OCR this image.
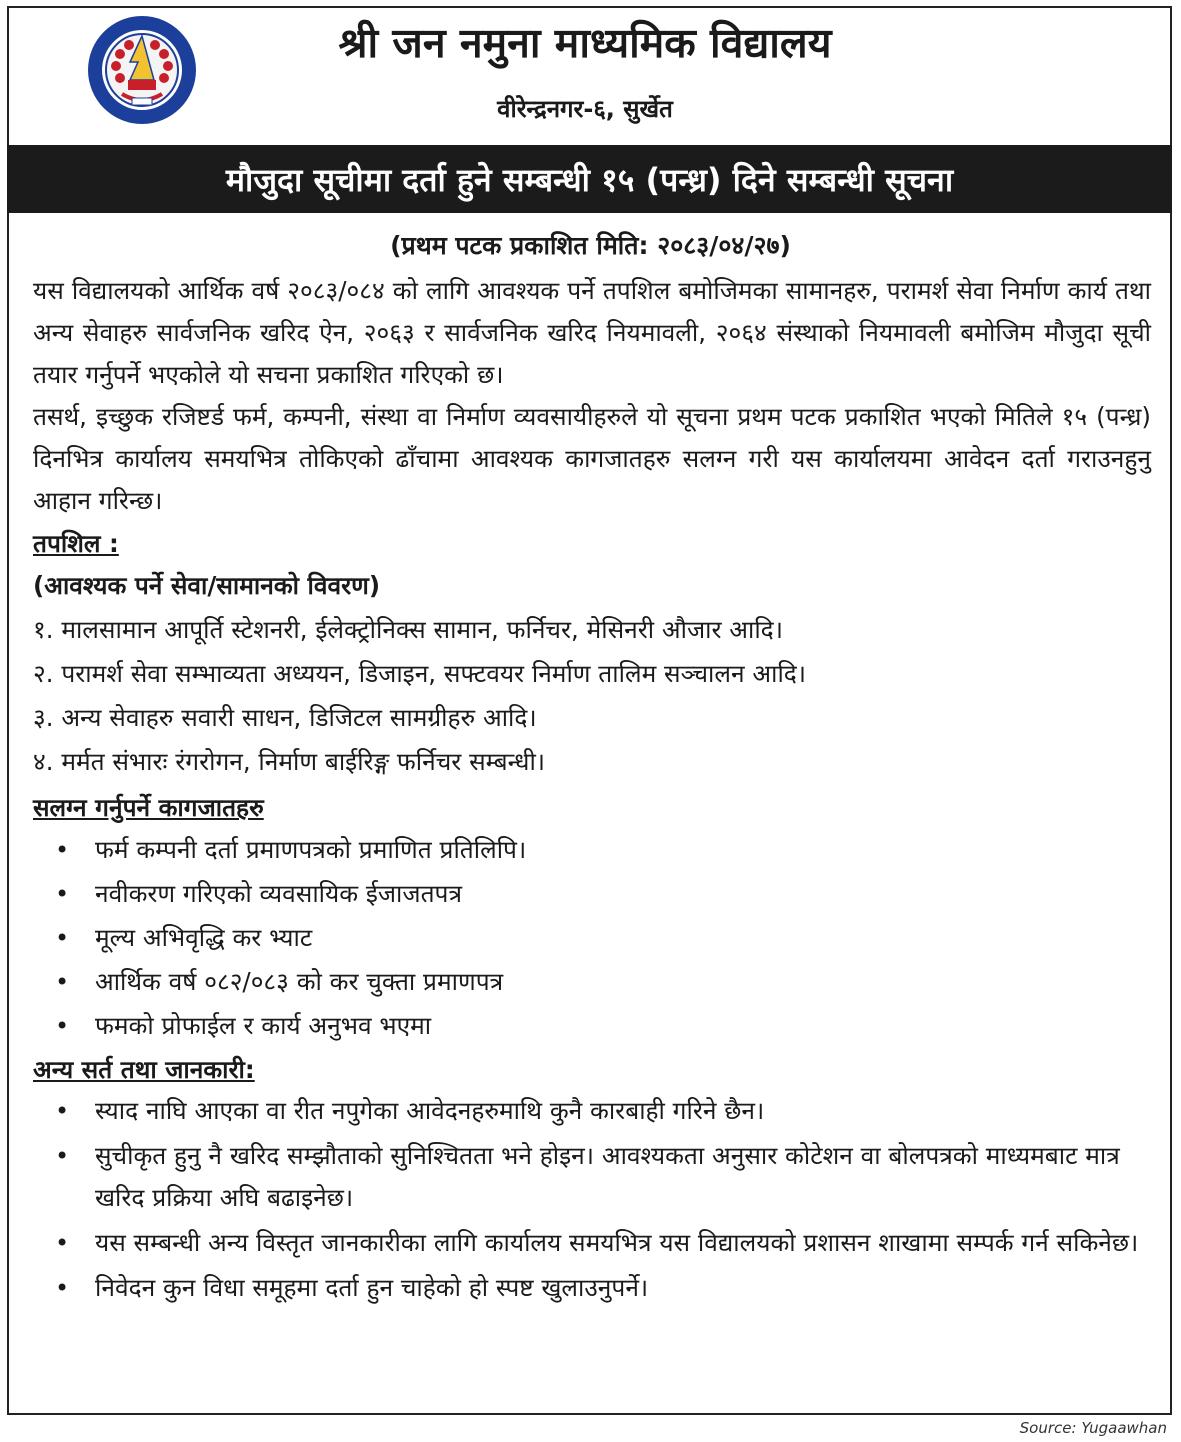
श्री जन नमुना माध्यमिक विद्यालय
वीरेन्द्रनगर-६, सुर्खेत
मौजुदा सूचीमा दर्ता हुने सम्बन्धी १५ (पन्ध्र) दिने सम्बन्धी सूचना
(प्रथम पटक प्रकाशित मिति: २०८३/०४/२७)

यस विद्यालयको आर्थिक वर्ष २०८३/०८४ को लागि आवश्यक पर्ने तपशिल बमोजिमका सामानहरु, परामर्श सेवा निर्माण कार्य तथा अन्य सेवाहरु सार्वजनिक खरिद ऐन, २०६३ र सार्वजनिक खरिद नियमावली, २०६४ संस्थाको नियमावली बमोजिम मौजुदा सूची तयार गर्नुपर्ने भएकोले यो सचना प्रकाशित गरिएको छ।

तसर्थ, इच्छुक रजिष्टर्ड फर्म, कम्पनी, संस्था वा निर्माण व्यवसायीहरुले यो सूचना प्रथम पटक प्रकाशित भएको मितिले १५ (पन्ध्र) दिनभित्र कार्यालय समयभित्र तोकिएको ढाँचामा आवश्यक कागजातहरु सलग्न गरी यस कार्यालयमा आवेदन दर्ता गराउनहुनु आहान गरिन्छ।

तपशिल :

(आवश्यक पर्ने सेवा/सामानको विवरण)

१. मालसामान आपूर्ति स्टेशनरी, ईलेक्ट्रोनिक्स सामान, फर्निचर, मेसिनरी औजार आदि।

२. परामर्श सेवा सम्भाव्यता अध्ययन, डिजाइन, सफ्टवयर निर्माण तालिम सञ्चालन आदि।

३. अन्य सेवाहरु सवारी साधन, डिजिटल सामग्रीहरु आदि।

४. मर्मत संभारः रंगरोगन, निर्माण बाईरिङ्ग फर्निचर सम्बन्धी।

सलग्न गर्नुपर्ने कागजातहरु

• फर्म कम्पनी दर्ता प्रमाणपत्रको प्रमाणित प्रतिलिपि।
• नवीकरण गरिएको व्यवसायिक ईजाजतपत्र
• मूल्य अभिवृद्धि कर भ्याट
• आर्थिक वर्ष ०८२/०८३ को कर चुक्ता प्रमाणपत्र
• फमको प्रोफाईल र कार्य अनुभव भएमा

अन्य सर्त तथा जानकारी:

• स्याद नाघि आएका वा रीत नपुगेका आवेदनहरुमाथि कुनै कारबाही गरिने छैन।
• सुचीकृत हुनु नै खरिद सम्झौताको सुनिश्चितता भने होइन। आवश्यकता अनुसार कोटेशन वा बोलपत्रको माध्यमबाट मात्र खरिद प्रक्रिया अघि बढाइनेछ।
• यस सम्बन्धी अन्य विस्तृत जानकारीका लागि कार्यालय समयभित्र यस विद्यालयको प्रशासन शाखामा सम्पर्क गर्न सकिनेछ।
• निवेदन कुन विधा समूहमा दर्ता हुन चाहेको हो स्पष्ट खुलाउनुपर्ने।
Source: Yugaawhan
